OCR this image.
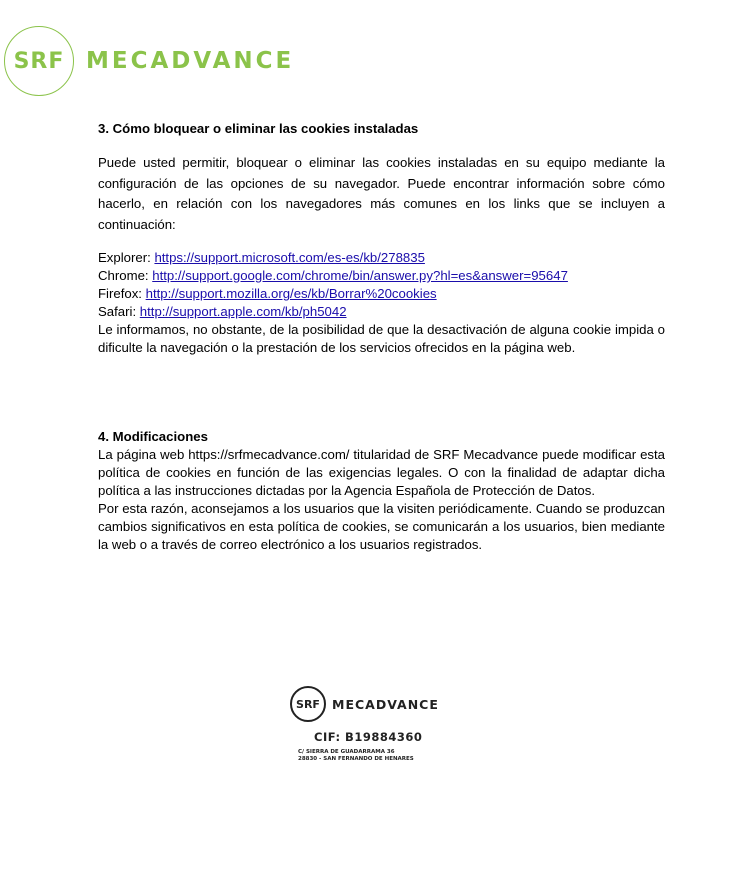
SRF MECADVANCE
3. Cómo bloquear o eliminar las cookies instaladas
Puede usted permitir, bloquear o eliminar las cookies instaladas en su equipo mediante la configuración de las opciones de su navegador. Puede encontrar información sobre cómo hacerlo, en relación con los navegadores más comunes en los links que se incluyen a continuación:
Explorer: https://support.microsoft.com/es-es/kb/278835
Chrome: http://support.google.com/chrome/bin/answer.py?hl=es&answer=95647
Firefox: http://support.mozilla.org/es/kb/Borrar%20cookies
Safari: http://support.apple.com/kb/ph5042
Le informamos, no obstante, de la posibilidad de que la desactivación de alguna cookie impida o dificulte la navegación o la prestación de los servicios ofrecidos en la página web.
4. Modificaciones
La página web https://srfmecadvance.com/ titularidad de SRF Mecadvance puede modificar esta política de cookies en función de las exigencias legales. O con la finalidad de adaptar dicha política a las instrucciones dictadas por la Agencia Española de Protección de Datos.
Por esta razón, aconsejamos a los usuarios que la visiten periódicamente. Cuando se produzcan cambios significativos en esta política de cookies, se comunicarán a los usuarios, bien mediante la web o a través de correo electrónico a los usuarios registrados.
SRF MECADVANCE
CIF: B19884360
C/ SIERRA DE GUADARRAMA 36
28830 - SAN FERNANDO DE HENARES
